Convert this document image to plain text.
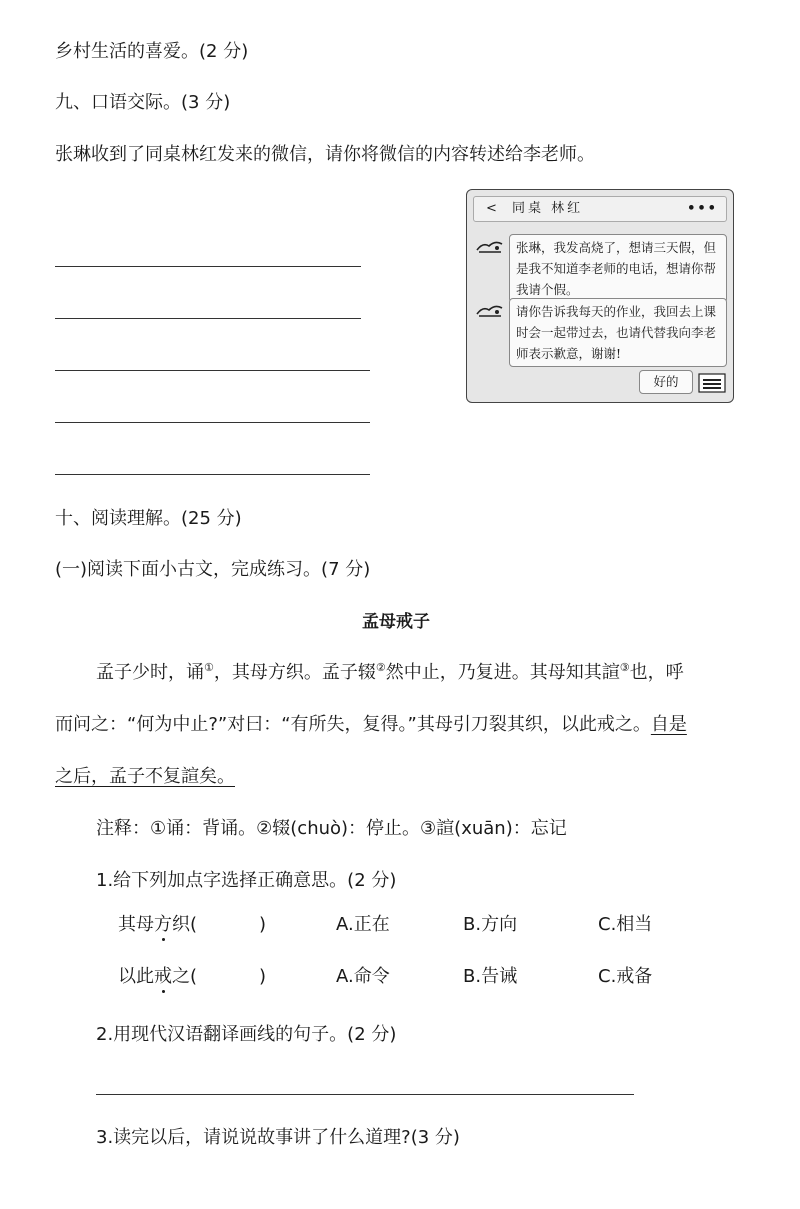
乡村生活的喜爱。(2 分)
九、口语交际。(3 分)
张琳收到了同桌林红发来的微信，请你将微信的内容转述给李老师。
< 同桌 林红	•••
张琳，我发高烧了，想请三天假，但是我不知道李老师的电话，想请你帮我请个假。
请你告诉我每天的作业，我回去上课时会一起带过去，也请代替我向李老师表示歉意，谢谢!
好的
十、阅读理解。(25 分)
(一)阅读下面小古文，完成练习。(7 分)
孟母戒子
孟子少时，诵①，其母方织。孟子辍②然中止，乃复进。其母知其諠③也，呼
而问之：“何为中止?”对曰：“有所失，复得。”其母引刀裂其织，以此戒之。自是
之后，孟子不复諠矣。
注释：①诵：背诵。②辍(chuò)：停止。③諠(xuān)：忘记
1.给下列加点字选择正确意思。(2 分)
其母方织(	)	A.正在	B.方向	C.相当
以此戒之(	)	A.命令	B.告诫	C.戒备
2.用现代汉语翻译画线的句子。(2 分)
3.读完以后，请说说故事讲了什么道理?(3 分)
